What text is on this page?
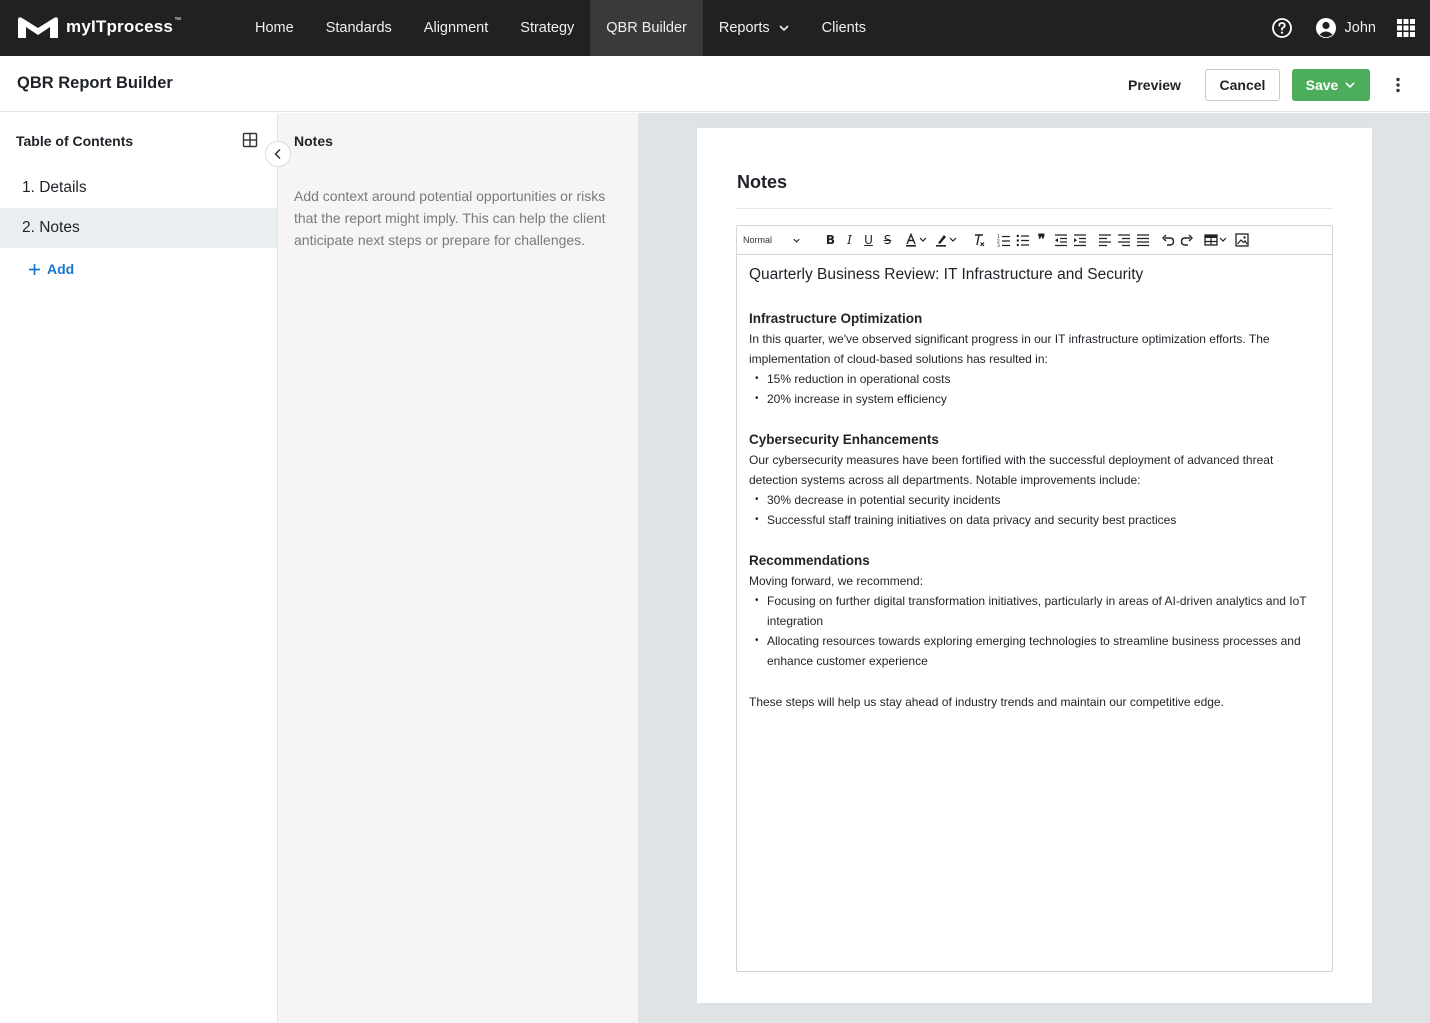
myITprocess™	Home Standards Alignment Strategy QBR Builder Reports	Clients	John
QBR Report Builder	Preview	Cancel	Save
Table of Contents
1. Details
2. Notes
Add
Notes
Add context around potential opportunities or risks that the report might imply. This can help the client anticipate next steps or prepare for challenges.
Notes
Normal	B I U S	1
2
3	❞
Quarterly Business Review: IT Infrastructure and Security
Infrastructure Optimization
In this quarter, we've observed significant progress in our IT infrastructure optimization efforts. The implementation of cloud-based solutions has resulted in:
• 15% reduction in operational costs
• 20% increase in system efficiency
Cybersecurity Enhancements
Our cybersecurity measures have been fortified with the successful deployment of advanced threat detection systems across all departments. Notable improvements include:
• 30% decrease in potential security incidents
• Successful staff training initiatives on data privacy and security best practices
Recommendations
Moving forward, we recommend:
• Focusing on further digital transformation initiatives, particularly in areas of AI-driven analytics and IoT integration
• Allocating resources towards exploring emerging technologies to streamline business processes and enhance customer experience
These steps will help us stay ahead of industry trends and maintain our competitive edge.
